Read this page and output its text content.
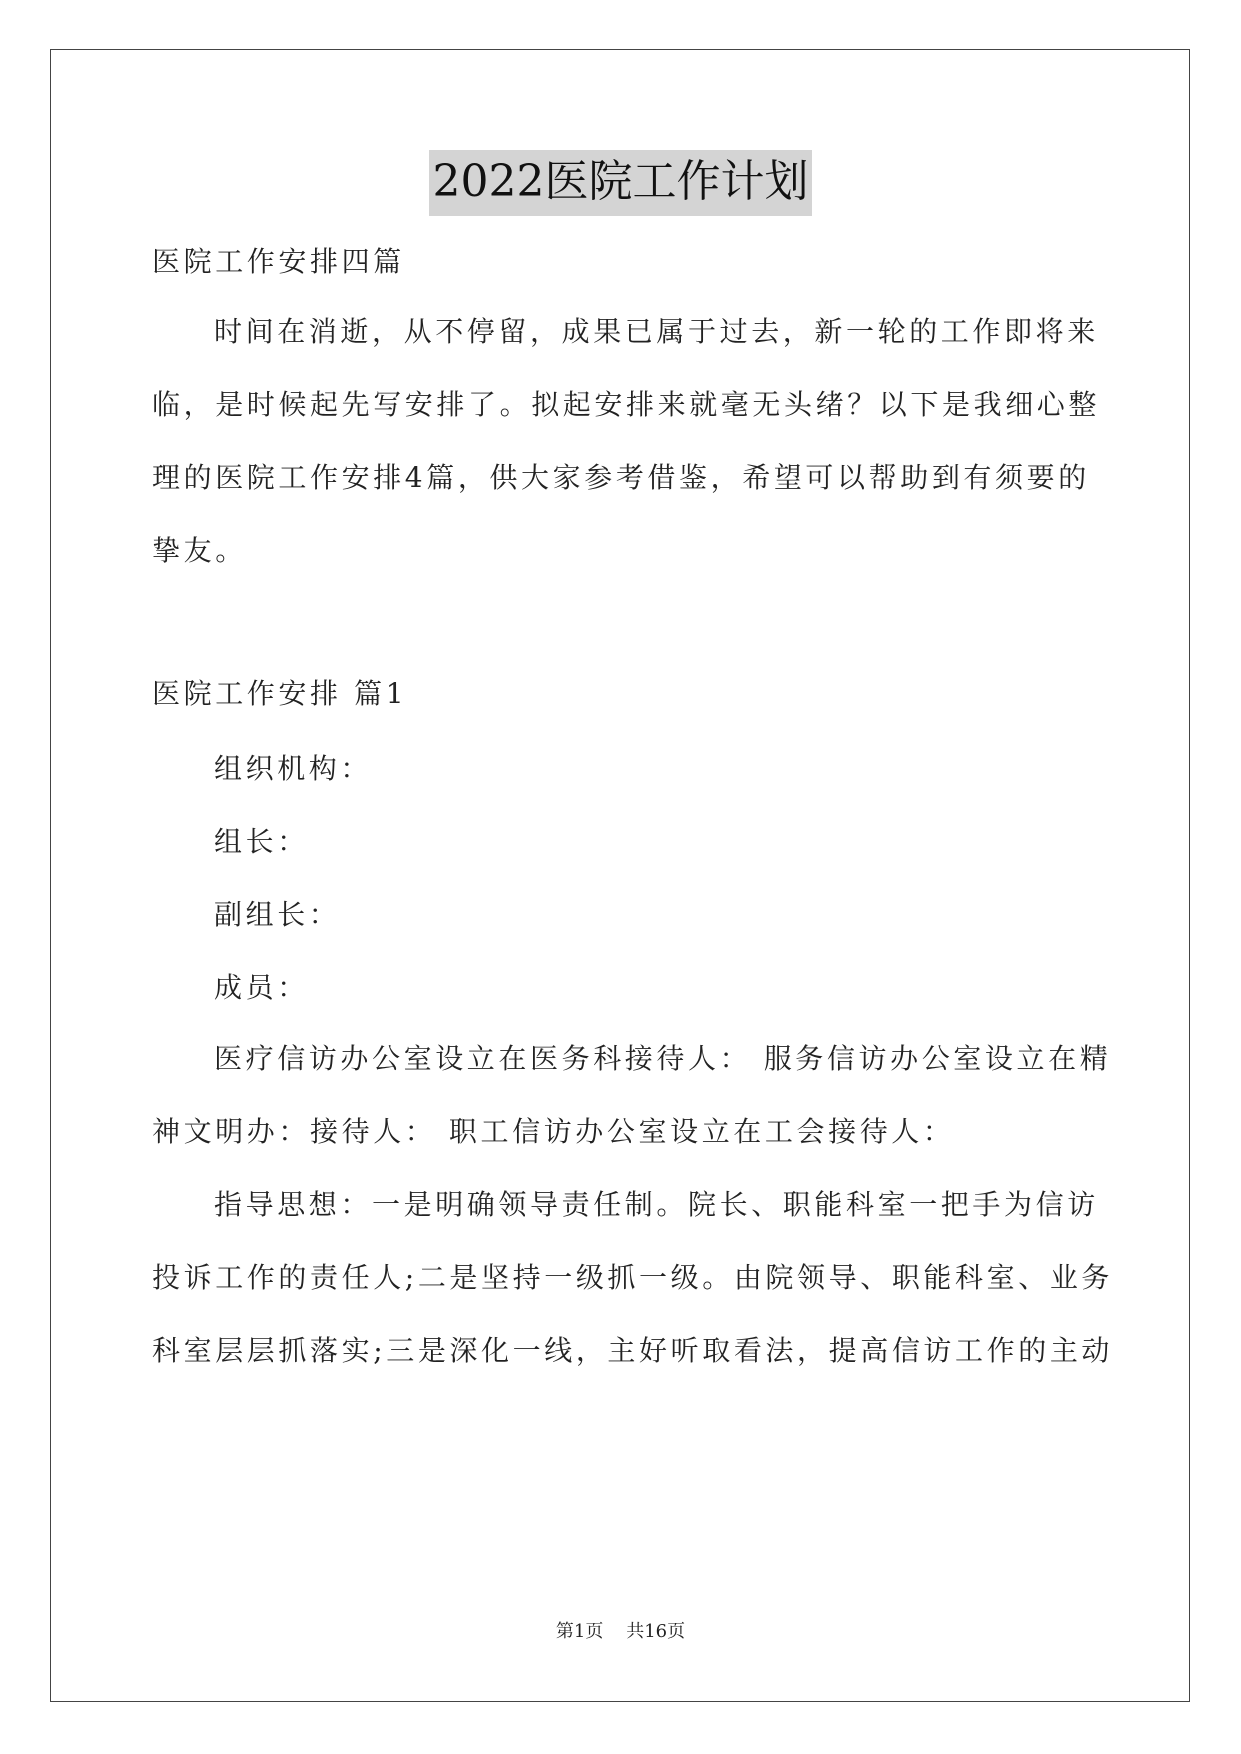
2022医院工作计划
医院工作安排四篇
时间在消逝，从不停留，成果已属于过去，新一轮的工作即将来
临，是时候起先写安排了。拟起安排来就毫无头绪？以下是我细心整
理的医院工作安排4篇，供大家参考借鉴，希望可以帮助到有须要的
挚友。
医院工作安排 篇1
组织机构：
组长：
副组长：
成员：
医疗信访办公室设立在医务科接待人： 服务信访办公室设立在精
神文明办：接待人： 职工信访办公室设立在工会接待人：
指导思想：一是明确领导责任制。院长、职能科室一把手为信访
投诉工作的责任人;二是坚持一级抓一级。由院领导、职能科室、业务
科室层层抓落实;三是深化一线，主好听取看法，提高信访工作的主动
第1页    共16页
